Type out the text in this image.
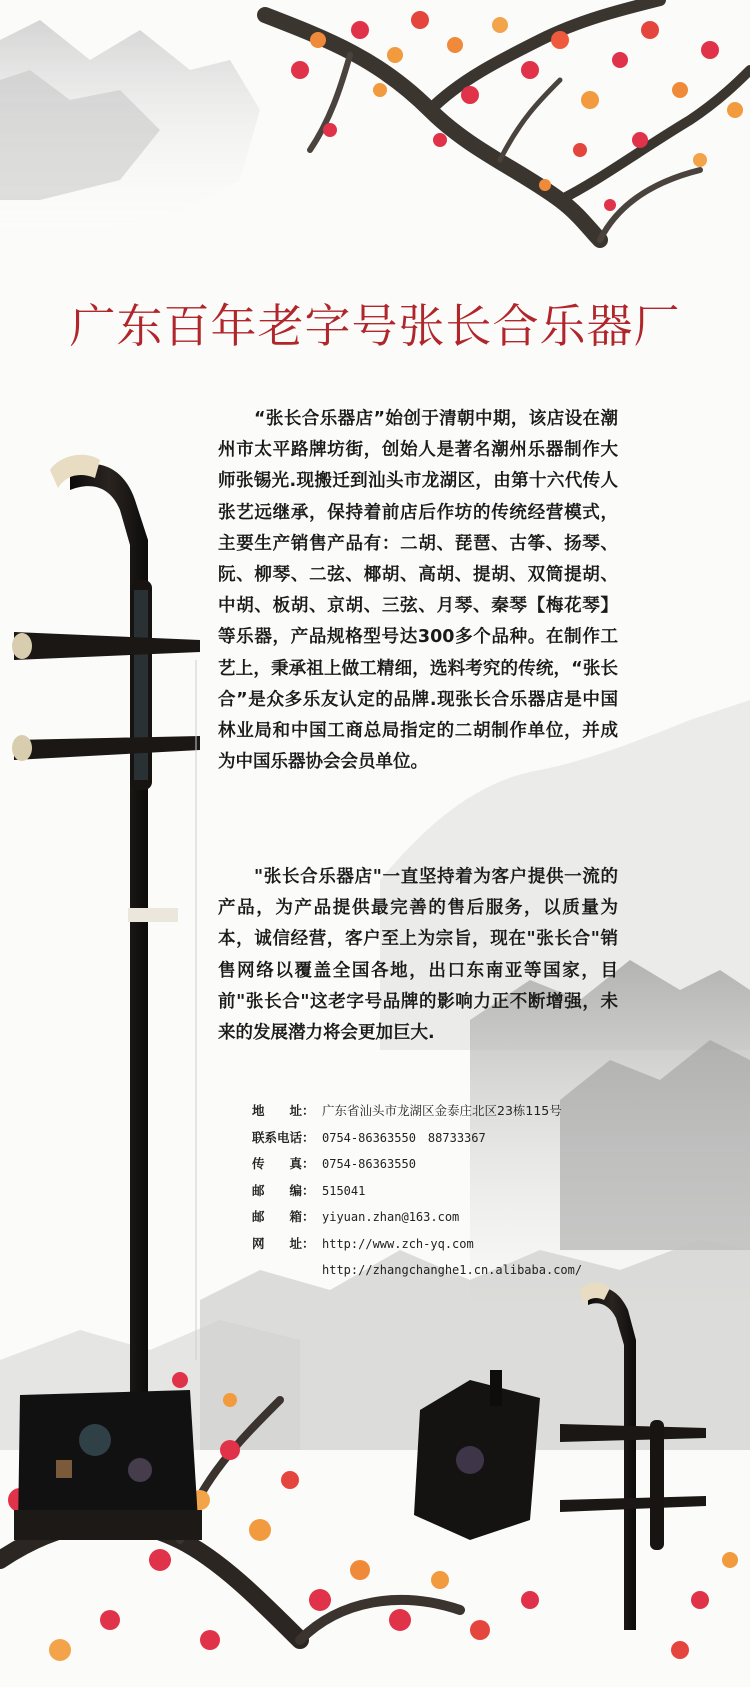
广东百年老字号张长合乐器厂
“张长合乐器店”始创于清朝中期，该店设在潮州市太平路牌坊街，创始人是著名潮州乐器制作大师张锡光.现搬迁到汕头市龙湖区，由第十六代传人张艺远继承，保持着前店后作坊的传统经营模式，主要生产销售产品有：二胡、琵琶、古筝、扬琴、阮、柳琴、二弦、椰胡、高胡、提胡、双筒提胡、中胡、板胡、京胡、三弦、月琴、秦琴【梅花琴】等乐器，产品规格型号达300多个品种。在制作工艺上，秉承祖上做工精细，选料考究的传统，“张长合”是众多乐友认定的品牌.现张长合乐器店是中国林业局和中国工商总局指定的二胡制作单位，并成为中国乐器协会会员单位。
"张长合乐器店"一直坚持着为客户提供一流的产品，为产品提供最完善的售后服务，以质量为本，诚信经营，客户至上为宗旨，现在"张长合"销售网络以覆盖全国各地，出口东南亚等国家，目前"张长合"这老字号品牌的影响力正不断增强，未来的发展潜力将会更加巨大.
地　　址： 广东省汕头市龙湖区金泰庄北区23栋115号
联系电话： 0754-86363550　88733367
传　　真： 0754-86363550
邮　　编： 515041
邮　　箱： yiyuan.zhan@163.com
网　　址： http://www.zch-yq.com
http://zhangchanghe1.cn.alibaba.com/
